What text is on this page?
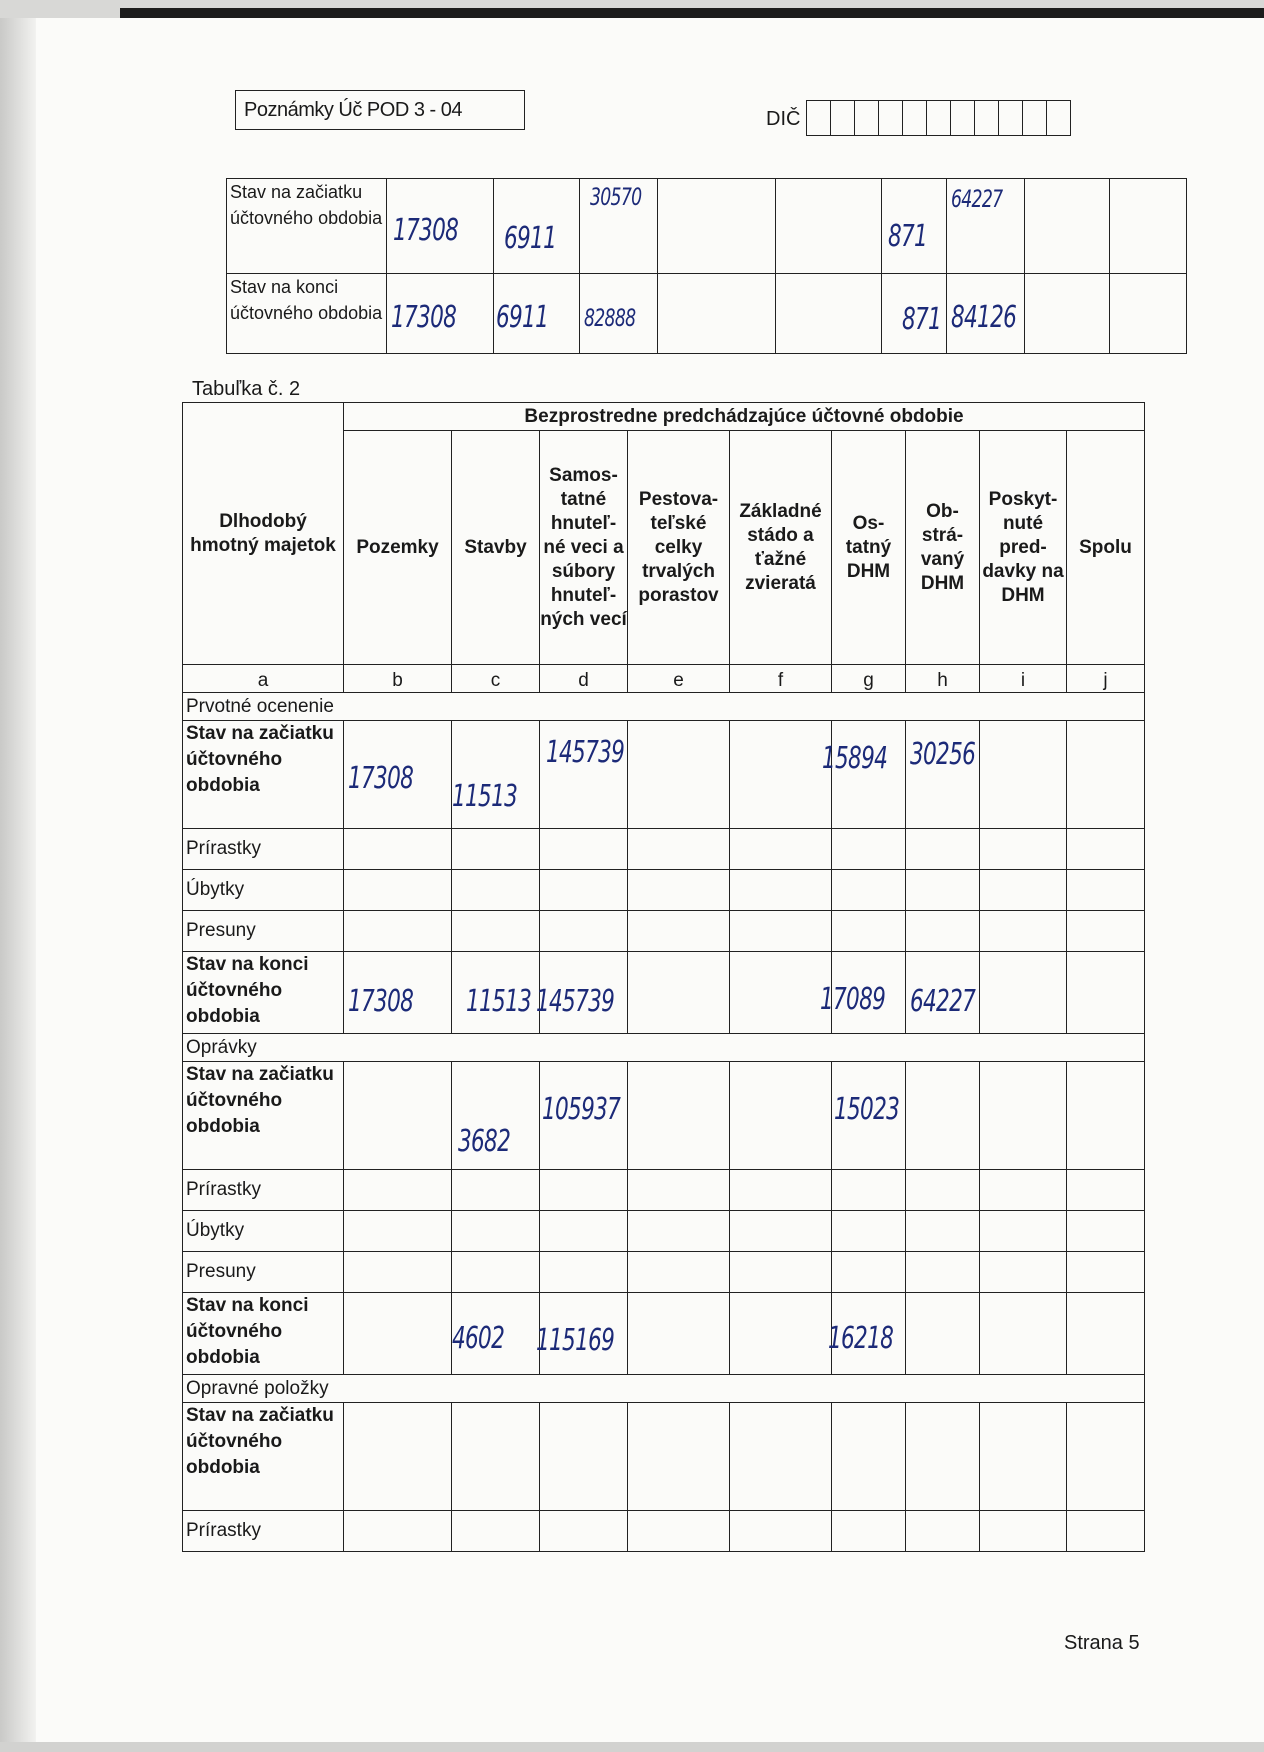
Poznámky Úč POD 3 - 04	DIČ
Stav na začiatku účtovného obdobia	17308	6911	30570			871	64227		

Stav na konci účtovného obdobia	17308	6911	82888			871	84126		

Tabuľka č. 2
Dlhodobý hmotný majetok	Bezprostredne predchádzajúce účtovné obdobie								
	Pozemky	Stavby	Samos- tatné hnuteľ- né veci a súbory hnuteľ- ných vecí	Pestova- teľské celky trvalých porastov	Základné stádo a ťažné zvieratá	Os- tatný DHM	Ob- strá- vaný DHM	Poskyt- nuté pred- davky na DHM	Spolu
a	b	c	d	e	f	g	h	i	j
Prvotné ocenenie									
Stav na začiatku účtovného obdobia	17308	11513	145739			15894	30256		

Prírastky									
Úbytky									
Presuny									
Stav na konci účtovného obdobia	17308	11513	145739			17089	64227		

Oprávky									
Stav na začiatku účtovného obdobia		3682	105937			15023			

Prírastky									
Úbytky									
Presuny									
Stav na konci účtovného obdobia		4602	115169			16218			

Opravné položky									
Stav na začiatku účtovného obdobia									
Prírastky									
Strana 5
